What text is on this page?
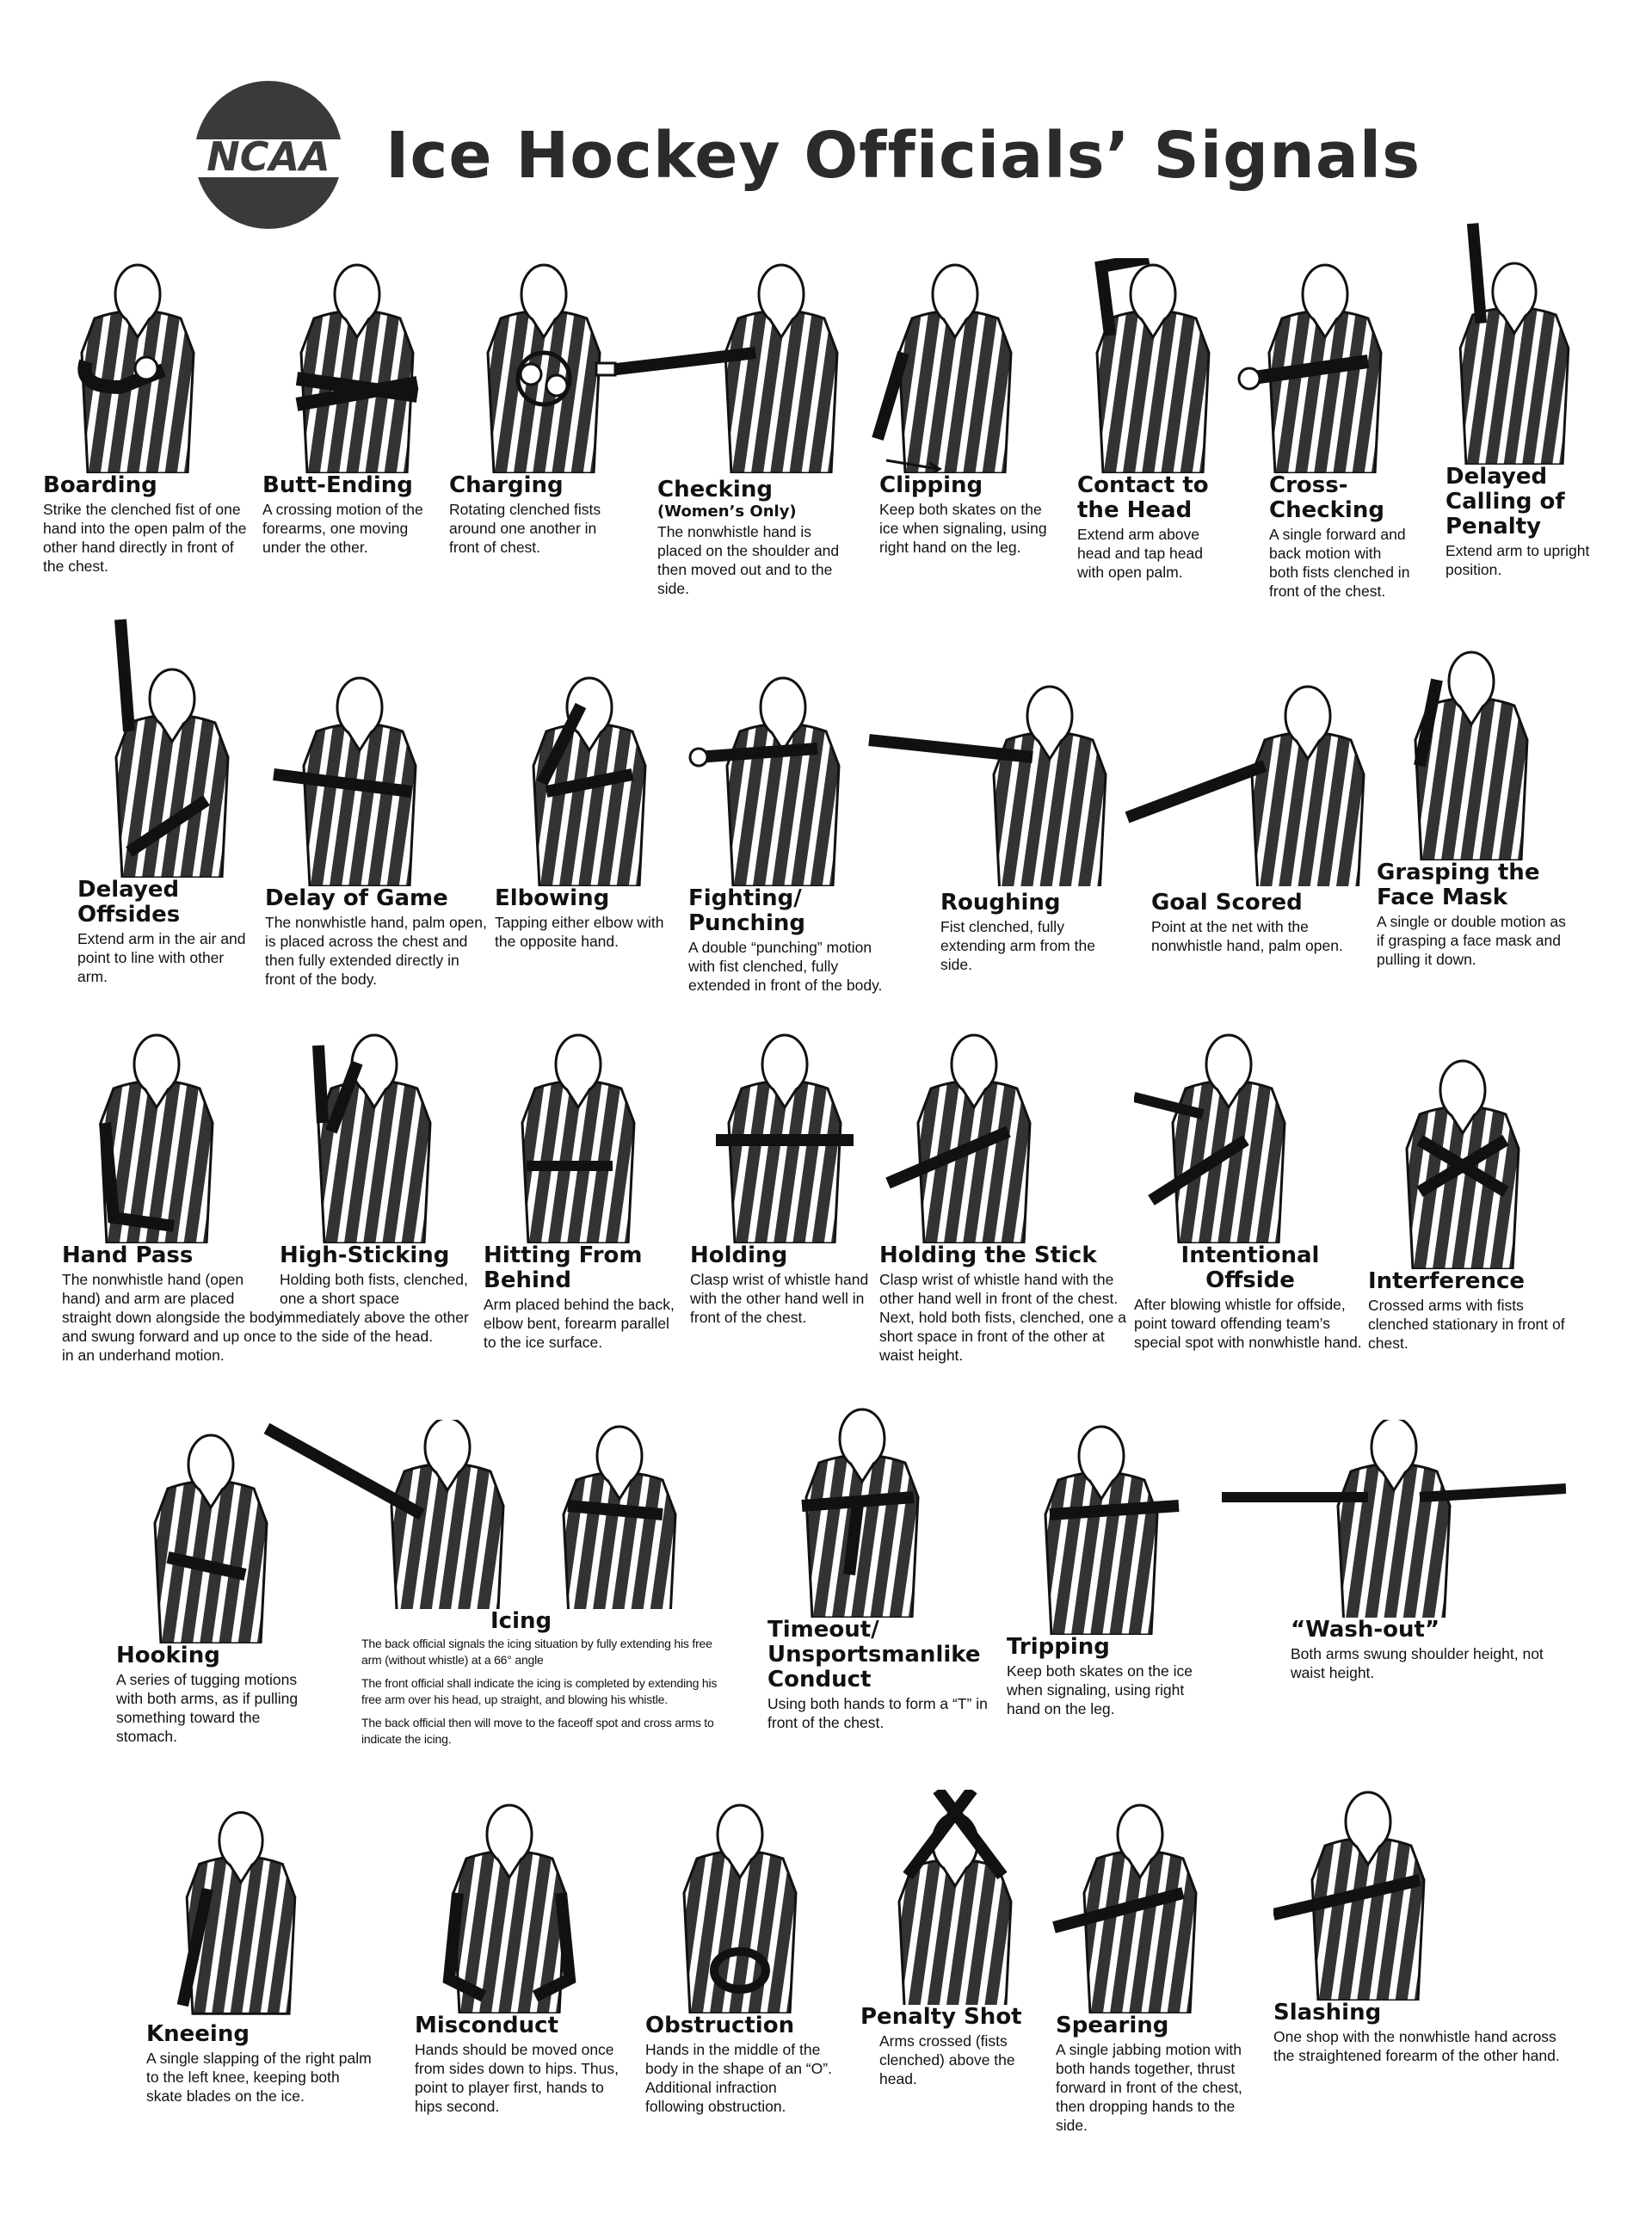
NCAA Ice Hockey Officials’ Signals

Boarding

Strike the clenched fist of one hand into the open palm of the other hand directly in front of the chest.

Butt-Ending

A crossing motion of the forearms, one moving under the other.

Charging

Rotating clenched fists around one another in front of chest.

Checking

(Women’s Only)

The nonwhistle hand is placed on the shoulder and then moved out and to the side.

Clipping

Keep both skates on the ice when signaling, using right hand on the leg.

Contact to the Head

Extend arm above head and tap head with open palm.

Cross-Checking

A single forward and back motion with both fists clenched in front of the chest.

Delayed Calling of Penalty

Extend arm to upright position.

Delayed Offsides

Extend arm in the air and point to line with other arm.

Delay of Game

The nonwhistle hand, palm open, is placed across the chest and then fully extended directly in front of the body.

Elbowing

Tapping either elbow with the opposite hand.

Fighting/ Punching

A double “punching” motion with fist clenched, fully extended in front of the body.

Roughing

Fist clenched, fully extending arm from the side.

Goal Scored

Point at the net with the nonwhistle hand, palm open.

Grasping the Face Mask

A single or double motion as if grasping a face mask and pulling it down.

Hand Pass

The nonwhistle hand (open hand) and arm are placed straight down alongside the body and swung forward and up once in an underhand motion.

High-Sticking

Holding both fists, clenched, one a short space immediately above the other to the side of the head.

Hitting From Behind

Arm placed behind the back, elbow bent, forearm parallel to the ice surface.

Holding

Clasp wrist of whistle hand with the other hand well in front of the chest.

Holding the Stick

Clasp wrist of whistle hand with the other hand well in front of the chest. Next, hold both fists, clenched, one a short space in front of the other at waist height.

Intentional Offside

After blowing whistle for offside, point toward offending team’s special spot with nonwhistle hand.

Interference

Crossed arms with fists clenched stationary in front of chest.

Hooking

A series of tugging motions with both arms, as if pulling something toward the stomach.

Icing

The back official signals the icing situation by fully extending his free arm (without whistle) at a 66° angle

The front official shall indicate the icing is completed by extending his free arm over his head, up straight, and blowing his whistle.

The back official then will move to the faceoff spot and cross arms to indicate the icing.

Timeout/ Unsportsmanlike Conduct

Using both hands to form a “T” in front of the chest.

Tripping

Keep both skates on the ice when signaling, using right hand on the leg.

“Wash-out”

Both arms swung shoulder height, not waist height.

Kneeing

A single slapping of the right palm to the left knee, keeping both skate blades on the ice.

Misconduct

Hands should be moved once from sides down to hips. Thus, point to player first, hands to hips second.

Obstruction

Hands in the middle of the body in the shape of an “O”. Additional infraction following obstruction.

Penalty Shot

Arms crossed (fists clenched) above the head.

Spearing

A single jabbing motion with both hands together, thrust forward in front of the chest, then dropping hands to the side.

Slashing

One shop with the nonwhistle hand across the straightened forearm of the other hand.
